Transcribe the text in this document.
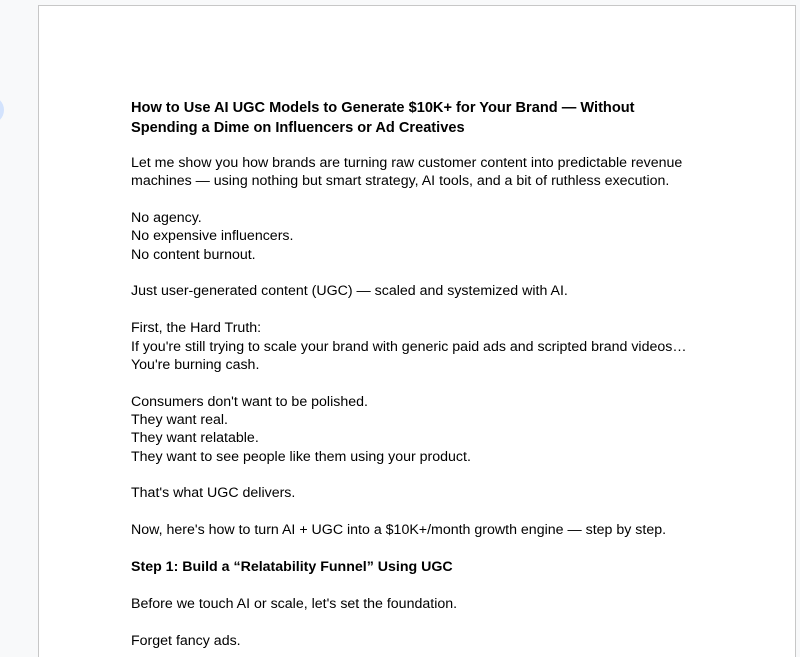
How to Use AI UGC Models to Generate $10K+ for Your Brand — Without
Spending a Dime on Influencers or Ad Creatives
Let me show you how brands are turning raw customer content into predictable revenue
machines — using nothing but smart strategy, AI tools, and a bit of ruthless execution.
No agency.
No expensive influencers.
No content burnout.
Just user-generated content (UGC) — scaled and systemized with AI.
First, the Hard Truth:
If you're still trying to scale your brand with generic paid ads and scripted brand videos…
You're burning cash.
Consumers don't want to be polished.
They want real.
They want relatable.
They want to see people like them using your product.
That's what UGC delivers.
Now, here's how to turn AI + UGC into a $10K+/month growth engine — step by step.
Step 1: Build a “Relatability Funnel” Using UGC
Before we touch AI or scale, let's set the foundation.
Forget fancy ads.
